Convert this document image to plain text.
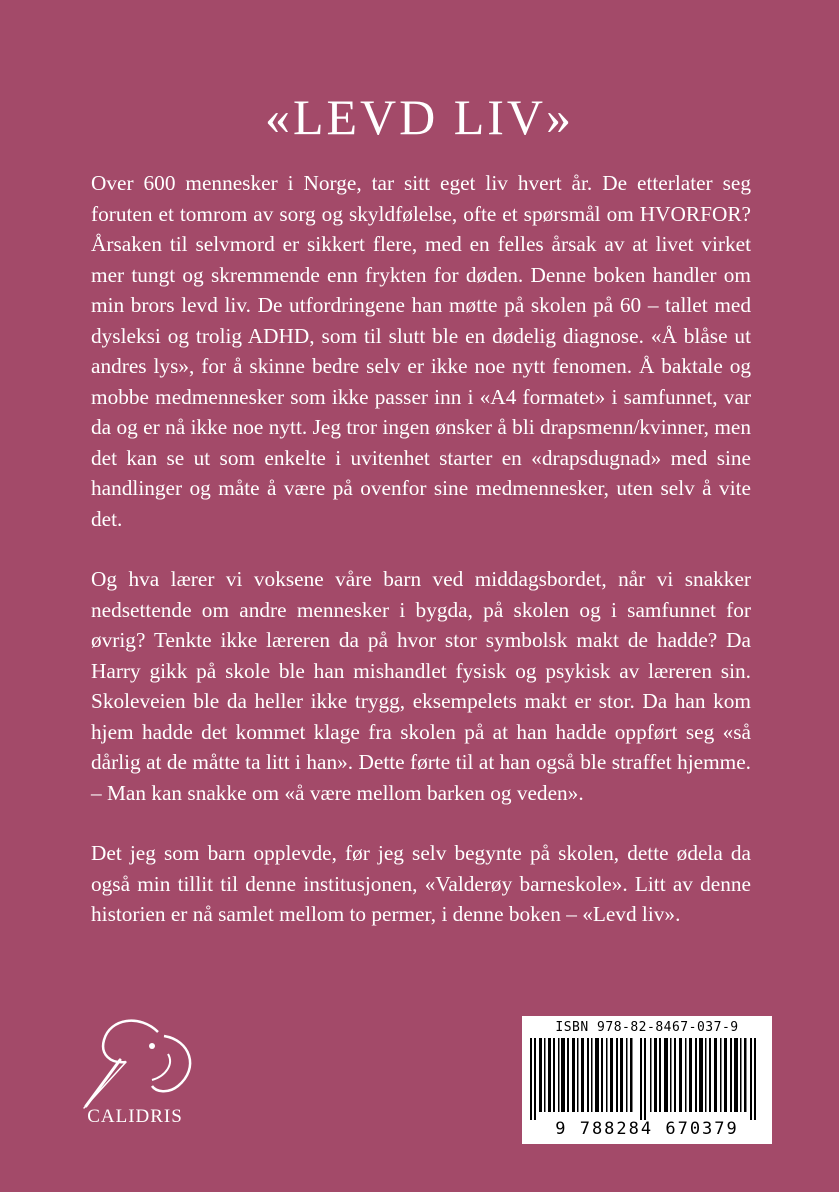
«LEVD LIV»

Over 600 mennesker i Norge, tar sitt eget liv hvert år. De etterlater seg foruten et tomrom av sorg og skyldfølelse, ofte et spørsmål om HVORFOR? Årsaken til selvmord er sikkert flere, med en felles årsak av at livet virket mer tungt og skremmende enn frykten for døden. Denne boken handler om min brors levd liv. De utfordringene han møtte på skolen på 60 – tallet med dysleksi og trolig ADHD, som til slutt ble en dødelig diagnose. «Å blåse ut andres lys», for å skinne bedre selv er ikke noe nytt fenomen. Å baktale og mobbe medmennesker som ikke passer inn i «A4 formatet» i samfunnet, var da og er nå ikke noe nytt. Jeg tror ingen ønsker å bli drapsmenn/kvinner, men det kan se ut som enkelte i uvitenhet starter en «drapsdugnad» med sine handlinger og måte å være på ovenfor sine medmennesker, uten selv å vite det.

Og hva lærer vi voksene våre barn ved middagsbordet, når vi snakker nedsettende om andre mennesker i bygda, på skolen og i samfunnet for øvrig? Tenkte ikke læreren da på hvor stor symbolsk makt de hadde? Da Harry gikk på skole ble han mishandlet fysisk og psykisk av læreren sin. Skoleveien ble da heller ikke trygg, eksempelets makt er stor. Da han kom hjem hadde det kommet klage fra skolen på at han hadde oppført seg «så dårlig at de måtte ta litt i han». Dette førte til at han også ble straffet hjemme. – Man kan snakke om «å være mellom barken og veden».

Det jeg som barn opplevde, før jeg selv begynte på skolen, dette ødela da også min tillit til denne institusjonen, «Valderøy barneskole». Litt av denne historien er nå samlet mellom to permer, i denne boken – «Levd liv».

CALIDRIS
ISBN 978-82-8467-037-9
9 788284 670379
